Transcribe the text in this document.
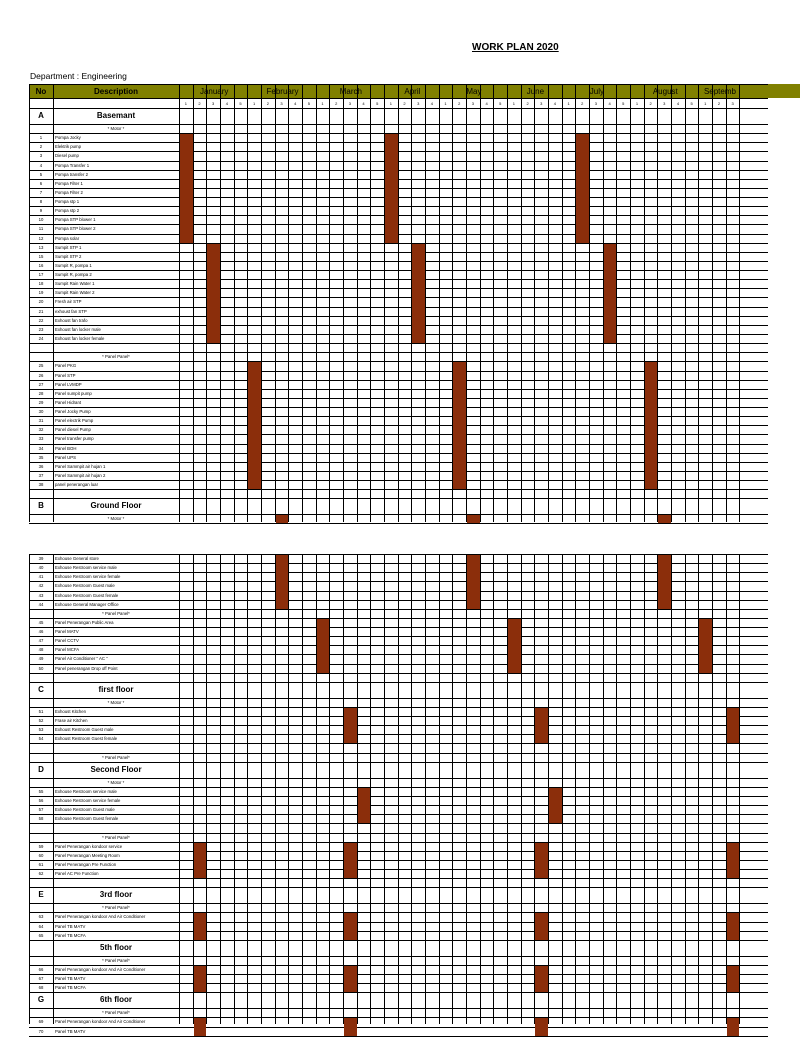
WORK PLAN 2020
Department : Engineering
No	Description	January
1	2	3	4	5
February
1	2	3	4	5
March
1	2	3	4	5
April
1	2	3	4
May
1	2	3	4	5
June
1	2	3	4
July
1	2	3	4	5
August
1	2	3	4	5
Septemb
1	2	3
A	Basemant
* Motor *
1	Pompa Jocky
2	Elektrik pump
3	Diesel pump
4	Pompa Transfer 1
5	Pompa transfer 2
6	Pompa Filter 1
7	Pompa Filter 2
8	Pompa stp 1
9	Pompa stp 2
10	Pompa STP blower 1
11	Pompa STP blower 2
12	Pompa solar
13	Sumpit STP 1
15	Sumpit STP 2
16	Sumpit R, pompa 1
17	Sumpit R, pompa 2
18	Sumpit Rain Water 1
19	Sumpit Rain Water 2
20	Fresh air STP
21	exhoust fan STP
22	Exhoust fan trafo
23	Exhoust fan locker male
24	Exhoust fan locker female
* Panel Panel*
25	Panel PKG
26	Panel STP
27	Panel LVMDP
28	Panel sumpit pump
29	Panel Hidrant
30	Panel Jocky Pump
31	Panel electrik Pump
32	Panel diesel Pump
33	Panel transfer pump
34	Panel BOH
35	Panel UPS
36	Panel Sammpit air hujan 1
37	Panel Sammpit air hujan 2
38	panel penerangan luar
B	Ground Floor
* Motor *
39	Exhouse General store
40	Exhouse Restroom service male
41	Exhouse Restroom service female
42	Exhouse Restroom Guest male
43	Exhouse Restroom Guest female
44	Exhouse General Manager Office
* Panel Panel*
45	Panel Penerangan Public Area
46	Panel MATV
47	Panel CCTV
48	Panel MCFA
49	Panel Air Conditioner " AC "
50	Panel penerangan Drop off Point
C	first floor
* Motor *
51	Exhoust Kitchen
52	Frase air Kitchen
53	Exhoust Restroom Guest male
54	Exhoust Restroom Guest female
* Panel Panel*
D	Second Floor
* Motor *
55	Exhouse Restroom service male
56	Exhouse Restroom service female
57	Exhouse Restroom Guest male
58	Exhouse Restroom Guest female
* Panel Panel*
59	Panel Penerangan kondoor service
60	Panel Penerangan Meeting Room
61	Panel Penerangan Pre Function
62	Panel AC Pre Function
E	3rd floor
* Panel Panel*
63	Panel Penerangan kondoor And Air Conditioner
64	Panel TB MATV
65	Panel TB MCFA
5th floor
* Panel Panel*
66	Panel Penerangan kondoor And Air Conditioner
67	Panel TB MATV
68	Panel TB MCFA
G	6th floor
* Panel Panel*
69	Panel Penerangan kondoor And Air Conditioner
70	Panel TB MATV
